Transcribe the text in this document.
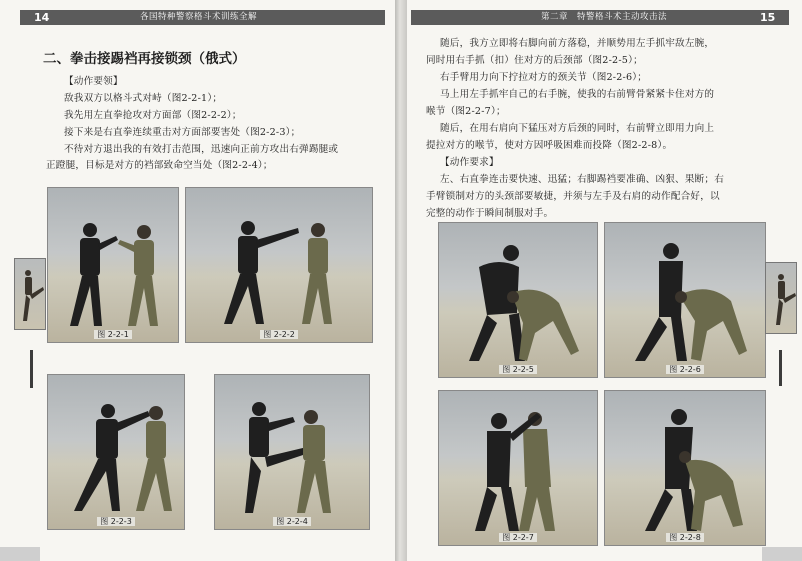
14	各国特种警察格斗术训练全解
二、拳击接踢裆再接锁颈（俄式）
【动作要领】
敌我双方以格斗式对峙（图2-2-1）；
我先用左直拳抢攻对方面部（图2-2-2）；
接下来是右直拳连续重击对方面部要害处（图2-2-3）；
不待对方退出我的有效打击范围，迅速向正前方攻出右弹踢腿或
正蹬腿，目标是对方的裆部致命空当处（图2-2-4）；
图 2-2-1	图 2-2-2
图 2-2-3	图 2-2-4
第二章　特警格斗术主动攻击法	15
随后，我方立即将右脚向前方落稳，并顺势用左手抓牢敌左腕，
同时用右手抓（扣）住对方的后颈部（图2-2-5）；
右手臂用力向下拧拉对方的颈关节（图2-2-6）；
马上用左手抓牢自己的右手腕，使我的右前臂骨紧紧卡住对方的
喉节（图2-2-7）；
随后，在用右肩向下猛压对方后颈的同时，右前臂立即用力向上
提拉对方的喉节，使对方因呼吸困难而投降（图2-2-8）。
【动作要求】
左、右直拳连击要快速、迅猛；右脚踢裆要准确、凶狠、果断；右
手臂锁制对方的头颈部要敏捷，并须与左手及右肩的动作配合好，以
完整的动作于瞬间制服对手。
图 2-2-5	图 2-2-6
图 2-2-7	图 2-2-8
